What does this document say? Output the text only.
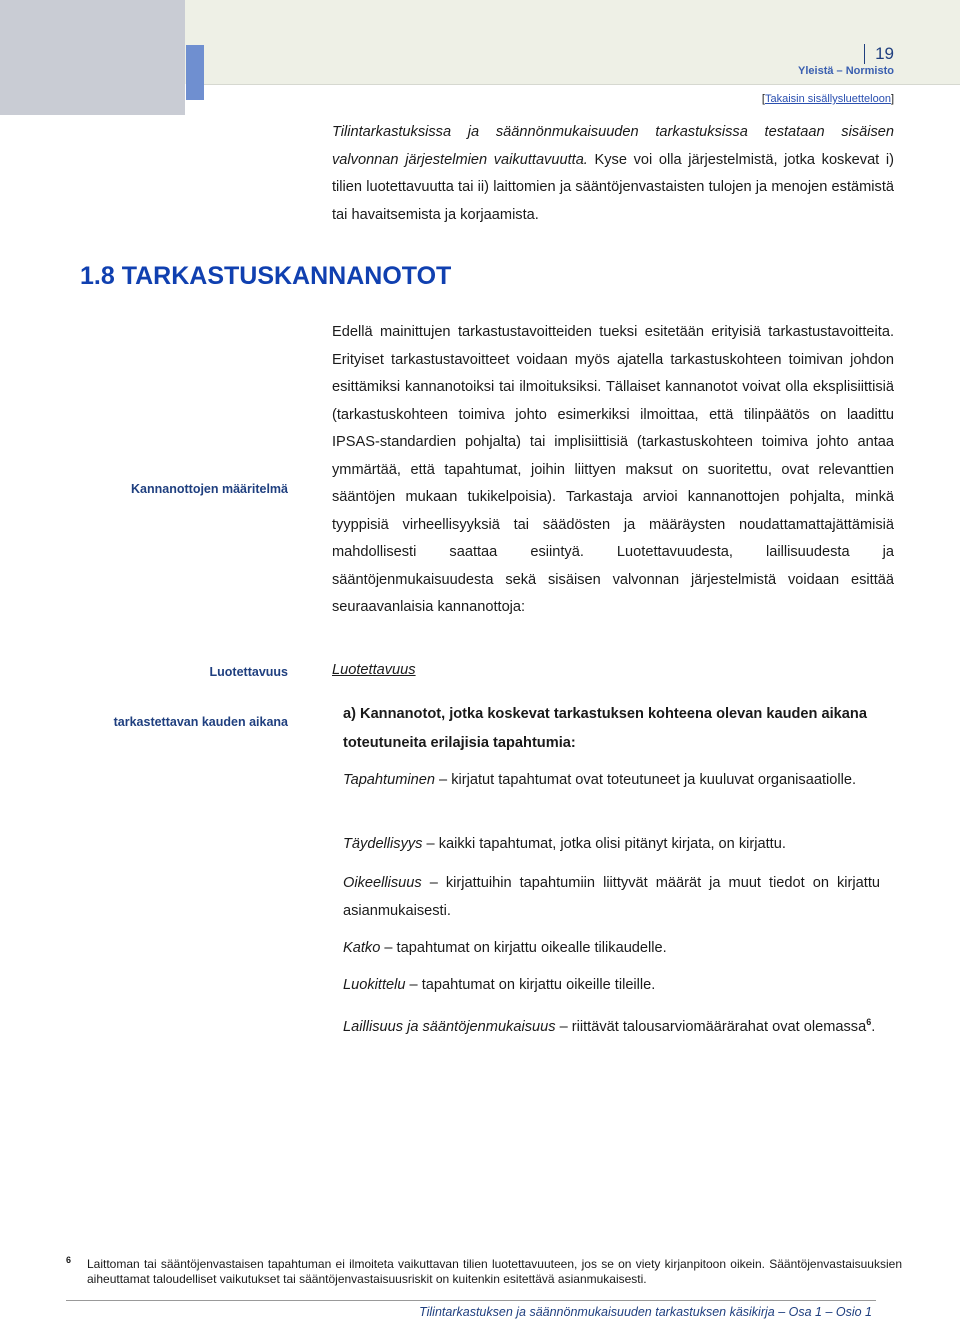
19
Yleistä – Normisto
[Takaisin sisällysluetteloon]
Tilintarkastuksissa ja säännönmukaisuuden tarkastuksissa testataan sisäisen valvonnan järjestelmien vaikuttavuutta. Kyse voi olla järjestelmistä, jotka koskevat i) tilien luotettavuutta tai ii) laittomien ja sääntöjenvastaisten tulojen ja menojen estämistä tai havaitsemista ja korjaamista.
1.8 TARKASTUSKANNANOTOT
Edellä mainittujen tarkastustavoitteiden tueksi esitetään erityisiä tarkastustavoitteita. Erityiset tarkastustavoitteet voidaan myös ajatella tarkastuskohteen toimivan johdon esittämiksi kannanotoiksi tai ilmoituksiksi. Tällaiset kannanotot voivat olla eksplisiittisiä (tarkastuskohteen toimiva johto esimerkiksi ilmoittaa, että tilinpäätös on laadittu IPSAS-standardien pohjalta) tai implisiittisiä (tarkastuskohteen toimiva johto antaa ymmärtää, että tapahtumat, joihin liittyen maksut on suoritettu, ovat relevanttien sääntöjen mukaan tukikelpoisia). Tarkastaja arvioi kannanottojen pohjalta, minkä tyyppisiä virheellisyyksiä tai säädösten ja määräysten noudattamattajättämisiä mahdollisesti saattaa esiintyä. Luotettavuudesta, laillisuudesta ja sääntöjenmukaisuudesta sekä sisäisen valvonnan järjestelmistä voidaan esittää seuraavanlaisia kannanottoja:
Kannanottojen määritelmä
Luotettavuus
tarkastettavan kauden aikana
Luotettavuus
a) Kannanotot, jotka koskevat tarkastuksen kohteena olevan kauden aikana toteutuneita erilajisia tapahtumia:
Tapahtuminen – kirjatut tapahtumat ovat toteutuneet ja kuuluvat organisaatiolle.
Täydellisyys – kaikki tapahtumat, jotka olisi pitänyt kirjata, on kirjattu.
Oikeellisuus – kirjattuihin tapahtumiin liittyvät määrät ja muut tiedot on kirjattu asianmukaisesti.
Katko – tapahtumat on kirjattu oikealle tilikaudelle.
Luokittelu – tapahtumat on kirjattu oikeille tileille.
Laillisuus ja sääntöjenmukaisuus – riittävät talousarviomäärärahat ovat olemassa$^6$.
6 Laittoman tai sääntöjenvastaisen tapahtuman ei ilmoiteta vaikuttavan tilien luotettavuuteen, jos se on viety kirjanpitoon oikein. Sääntöjenvastaisuuksien aiheuttamat taloudelliset vaikutukset tai sääntöjenvastaisuusriskit on kuitenkin esitettävä asianmukaisesti.
Tilintarkastuksen ja säännönmukaisuuden tarkastuksen käsikirja – Osa 1 – Osio 1
